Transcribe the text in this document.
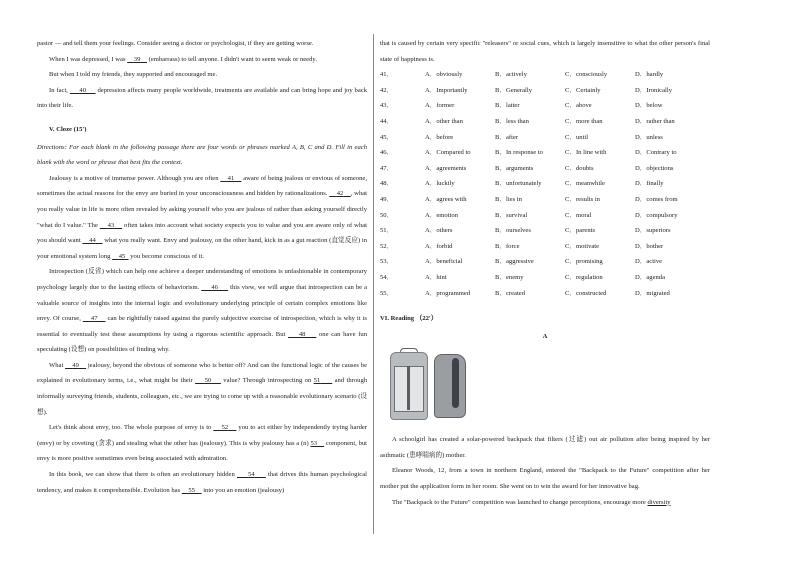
pastor — and tell them your feelings. Consider seeing a doctor or psychologist, if they are getting worse.

When I was depressed, I was     39     (embarrass) to tell anyone. I didn't want to seem weak or needy.

But when I told my friends, they supported and encouraged me.

In fact,      40      depression affects many people worldwide, treatments are available and can bring hope and joy back into their life.

V. Cloze (15')

Directions: For each blank in the following passage there are four words or phrases marked A, B, C and D. Fill in each blank with the word or phrase that best fits the context.

Jealousy is a motive of immense power. Although you are often     41     aware of being jealous or envious of someone, sometimes the actual reasons for the envy are buried in your unconsciousness and hidden by rationalizations.     42 , what you really value in life is more often revealed by asking yourself who you are jealous of rather than asking yourself directly "what do I value." The     43     often takes into account what society expects you to value and you are aware only of what you should want     44     what you really want. Envy and jealousy, on the other hand, kick in as a gut reaction (直觉反应) in your emotional system long     45   you become conscious of it.

Introspection (反省) which can help one achieve a deeper understanding of emotions is unfashionable in contemporary psychology largely due to the lasting effects of behaviorism.      46      this view, we will argue that introspection can be a valuable source of insights into the internal logic and evolutionary underlying principle of certain complex emotions like envy. Of course,     47     can be rightfully raised against the purely subjective exercise of introspection, which is why it is essential to eventually test these assumptions by using a rigorous scientific approach. But     48     one can have fun speculating (设想) on possibilities of finding why.

What     49     jealousy, beyond the obvious of someone who is better off? And can the functional logic of the causes be explained in evolutionary terms, i.e., what might be their     50     value? Through introspecting on 51      and through informally surveying friends, students, colleagues, etc., we are trying to come up with a reasonable evolutionary scenario (设想).

Let's think about envy, too. The whole purpose of envy is to     52     you to act either by independently trying harder (envy) or by coveting (贪求) and stealing what the other has (jealousy). This is why jealousy has a (n) 53     component, but envy is more positive sometimes even being associated with admiration.

In this book, we can show that there is often an evolutionary hidden      54      that drives this human psychological tendency, and makes it comprehensible. Evolution has     55     into you an emotion (jealousy)

that is caused by certain very specific "releasers" or social cues, which is largely insensitive to what the other person's final state of happiness is.

41．	A．obviously	B．actively	C．consciously	D．hardly
42．	A．Importantly	B．Generally	C．Certainly	D．Ironically
43．	A．former	B．latter	C．above	D．below
44．	A．other than	B．less than	C．more than	D．rather than
45．	A．before	B．after	C．until	D．unless
46．	A．Compared to	B．In response to	C．In line with	D．Contrary to
47．	A．agreements	B．arguments	C．doubts	D．objections
48．	A．luckily	B．unfortunately	C．meanwhile	D．finally
49．	A．agrees with	B．lies in	C．results in	D．comes from
50．	A．emotion	B．survival	C．moral	D．compulsory
51．	A．others	B．ourselves	C．parents	D．superiors
52．	A．forbid	B．force	C．motivate	D．bother
53．	A．beneficial	B．aggressive	C．promising	D．active
54．	A．hint	B．enemy	C．regulation	D．agenda
55．	A．programmed	B．created	C．constructed	D．migrated

VI. Reading （22'）

A

A schoolgirl has created a solar-powered backpack that filters (过滤) out air pollution after being inspired by her asthmatic (患哮喘病的) mother.

Eleanor Woods, 12, from a town in northern England, entered the "Backpack to the Future" competition after her mother put the application form in her room. She went on to win the award for her innovative bag.

The "Backpack to the Future" competition was launched to change perceptions, encourage more diversity
